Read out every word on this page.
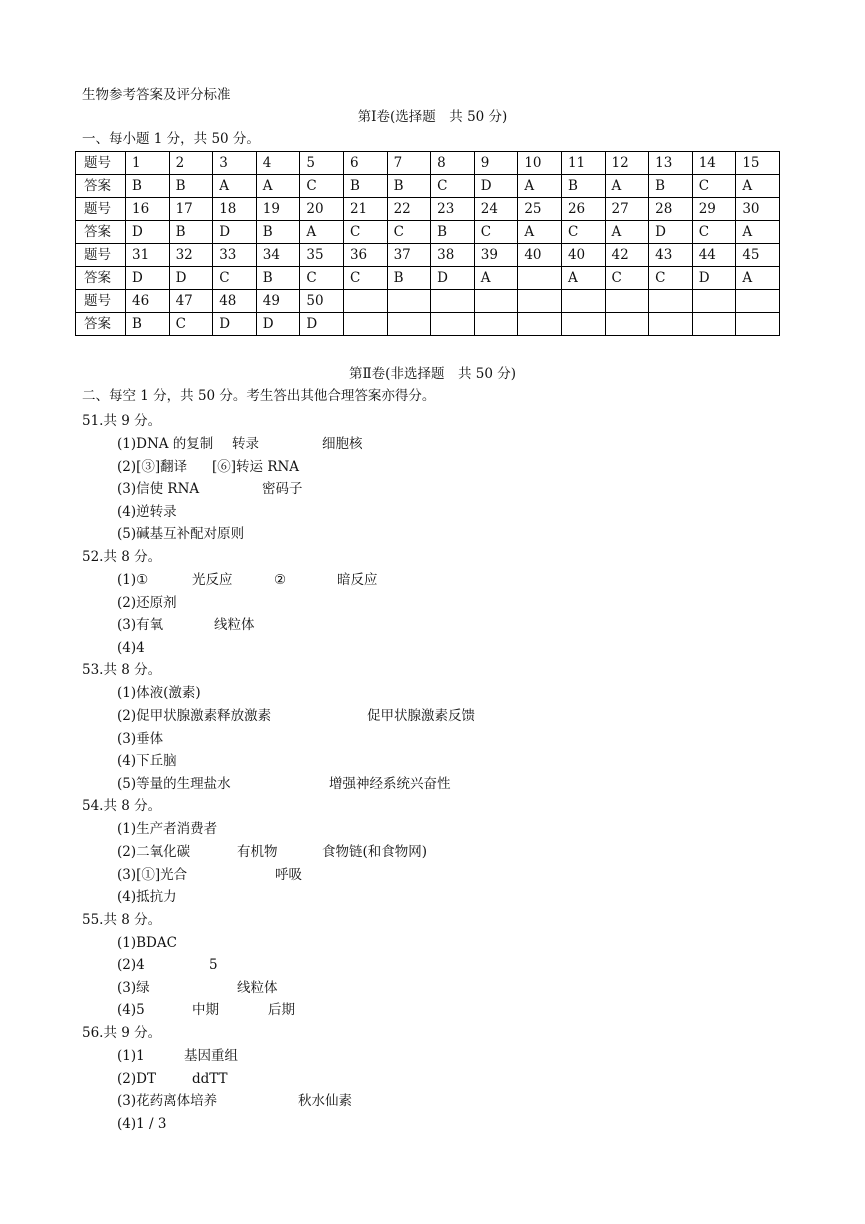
生物参考答案及评分标准
第Ⅰ卷(选择题　共 50 分)
一、每小题 1 分，共 50 分。
题号	1	2	3	4	5	6	7	8	9	10	11	12	13	14	15
答案	B	B	A	A	C	B	B	C	D	A	B	A	B	C	A
题号	16	17	18	19	20	21	22	23	24	25	26	27	28	29	30
答案	D	B	D	B	A	C	C	B	C	A	C	A	D	C	A
题号	31	32	33	34	35	36	37	38	39	40	40	42	43	44	45
答案	D	D	C	B	C	C	B	D	A		A	C	C	D	A
题号	46	47	48	49	50										
答案	B	C	D	D	D										
第Ⅱ卷(非选择题　共 50 分)
二、每空 1 分，共 50 分。考生答出其他合理答案亦得分。
51.共 9 分。
(1)DNA 的复制 转录	细胞核
(2)[③]翻译 [⑥]转运 RNA
(3)信使 RNA	密码子
(4)逆转录
(5)碱基互补配对原则
52.共 8 分。
(1)①	光反应	②	暗反应
(2)还原剂
(3)有氧	线粒体
(4)4
53.共 8 分。
(1)体液(激素)
(2)促甲状腺激素释放激素	促甲状腺激素反馈
(3)垂体
(4)下丘脑
(5)等量的生理盐水	增强神经系统兴奋性
54.共 8 分。
(1)生产者消费者
(2)二氧化碳	有机物	食物链(和食物网)
(3)[①]光合	呼吸
(4)抵抗力
55.共 8 分。
(1)BDAC
(2)4	5
(3)绿	线粒体
(4)5	中期	后期
56.共 9 分。
(1)1	基因重组
(2)DT	ddTT
(3)花药离体培养	秋水仙素
(4)1 / 3
